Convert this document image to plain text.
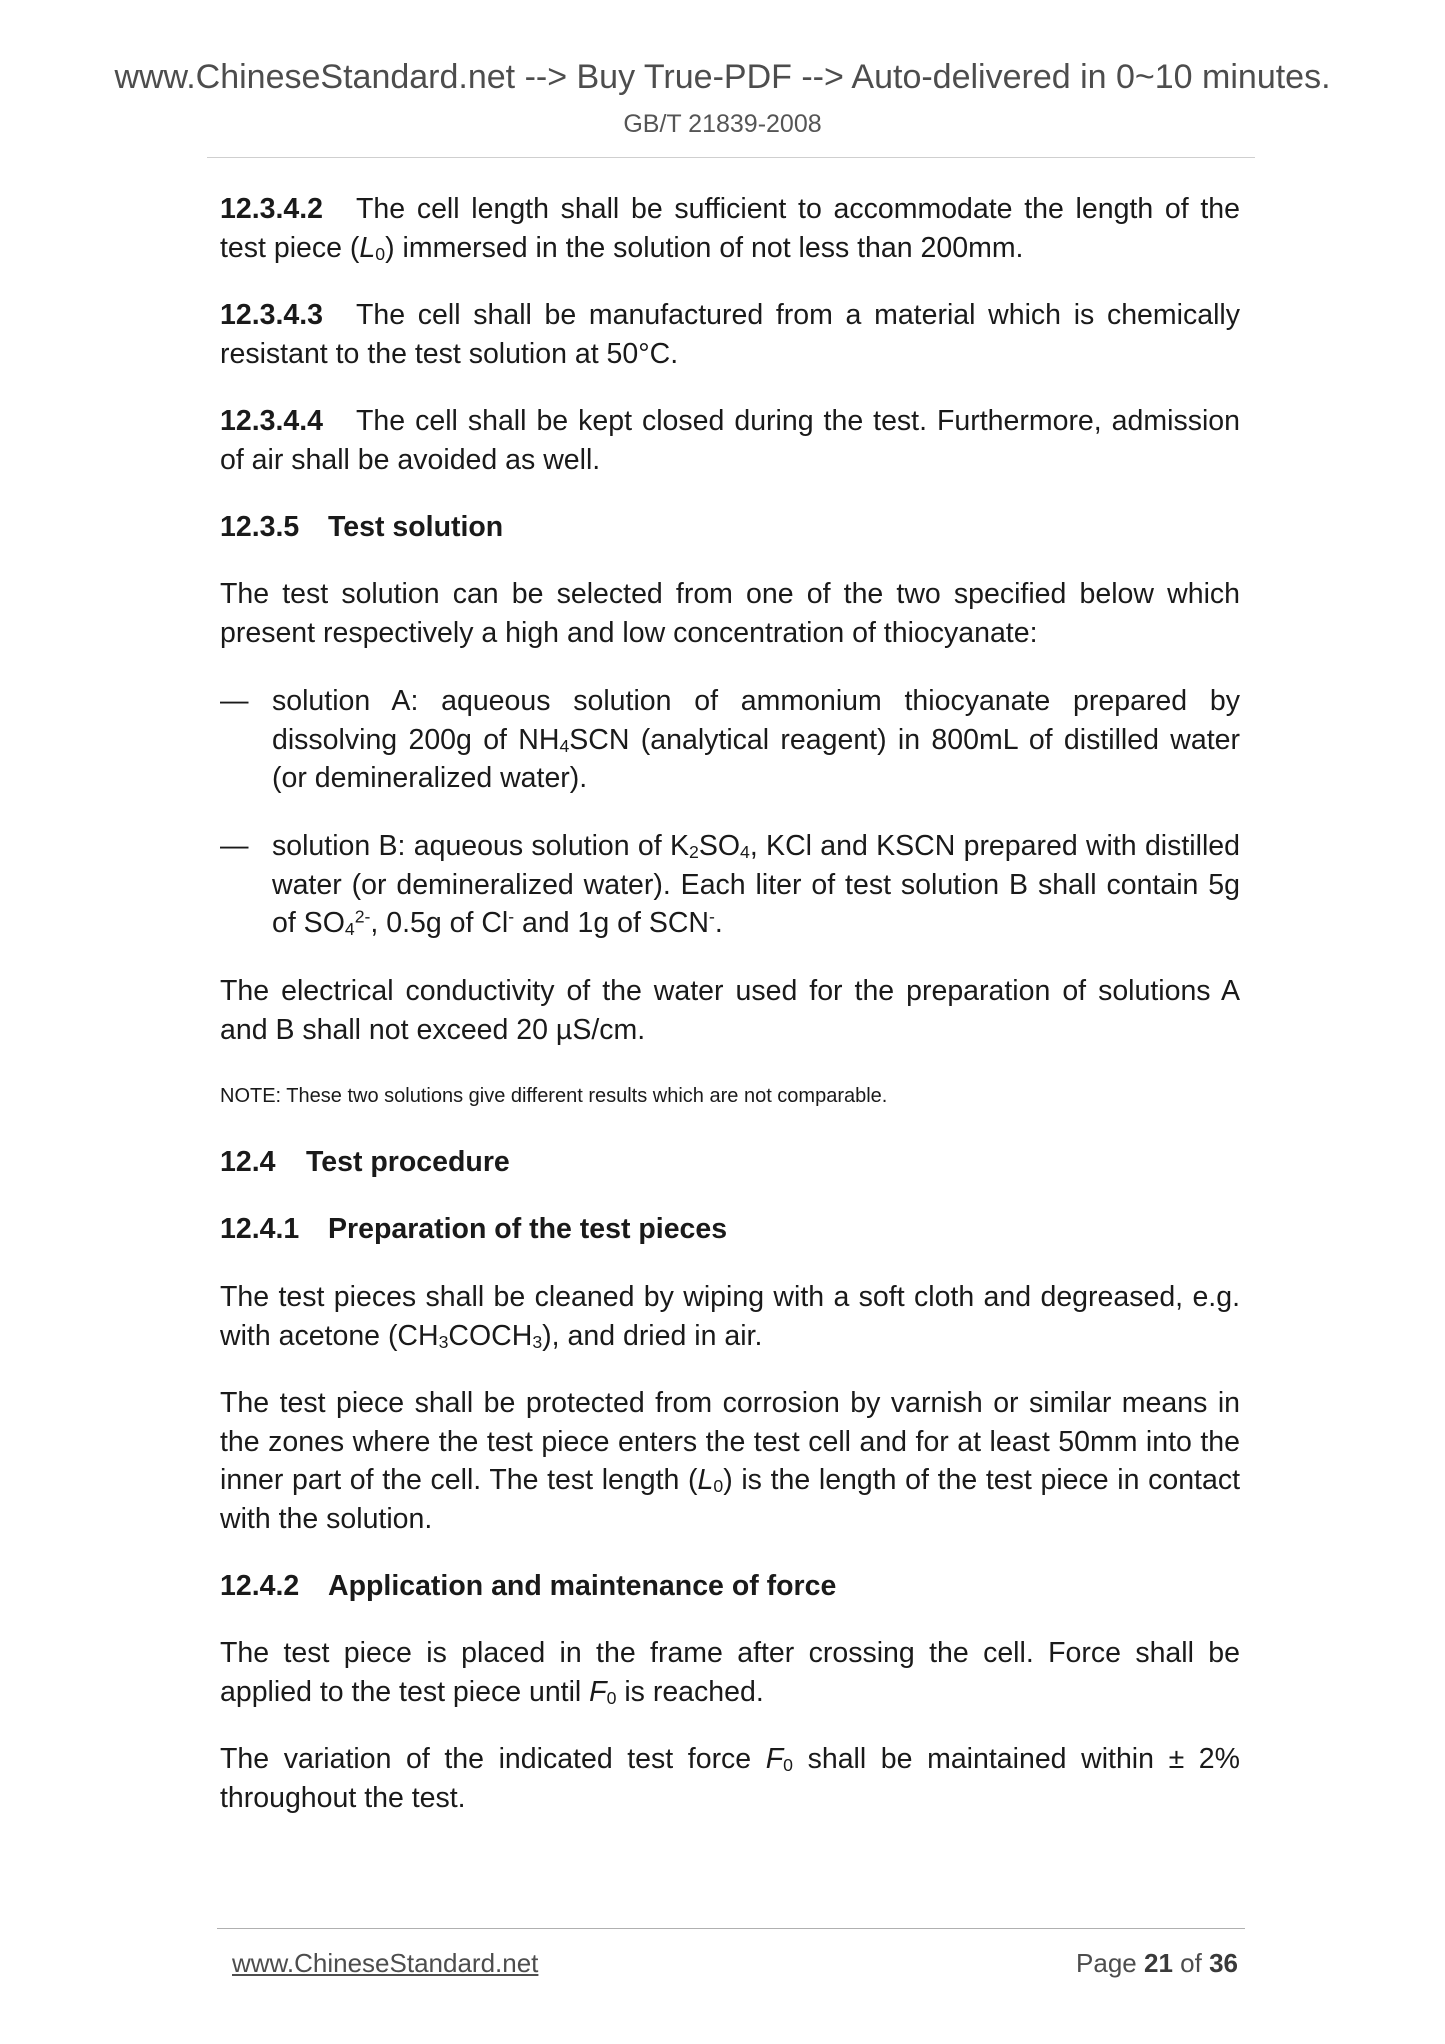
www.ChineseStandard.net --> Buy True-PDF --> Auto-delivered in 0~10 minutes.
GB/T 21839-2008

12.3.4.2 The cell length shall be sufficient to accommodate the length of the test piece $(L_0)$ immersed in the solution of not less than 200mm.

12.3.4.3 The cell shall be manufactured from a material which is chemically resistant to the test solution at 50°C.

12.3.4.4 The cell shall be kept closed during the test. Furthermore, admission of air shall be avoided as well.

12.3.5 Test solution

The test solution can be selected from one of the two specified below which present respectively a high and low concentration of thiocyanate:

— solution A: aqueous solution of ammonium thiocyanate prepared by dissolving 200g of $NH_4SCN$ (analytical reagent) in 800mL of distilled water (or demineralized water).

— solution B: aqueous solution of $K_2SO_4$, KCl and KSCN prepared with distilled water (or demineralized water). Each liter of test solution B shall contain 5g of $SO_4^{2-}$, 0.5g of Cl- and 1g of SCN-.

The electrical conductivity of the water used for the preparation of solutions A and B shall not exceed 20 µS/cm.

NOTE: These two solutions give different results which are not comparable.

12.4 Test procedure

12.4.1 Preparation of the test pieces

The test pieces shall be cleaned by wiping with a soft cloth and degreased, e.g. with acetone $(CH_3COCH_3)$, and dried in air.

The test piece shall be protected from corrosion by varnish or similar means in the zones where the test piece enters the test cell and for at least 50mm into the inner part of the cell. The test length $(L_0)$ is the length of the test piece in contact with the solution.

12.4.2 Application and maintenance of force

The test piece is placed in the frame after crossing the cell. Force shall be applied to the test piece until $F_0$ is reached.

The variation of the indicated test force $F_0$ shall be maintained within ± 2% throughout the test.

www.ChineseStandard.net	Page 21 of 36
